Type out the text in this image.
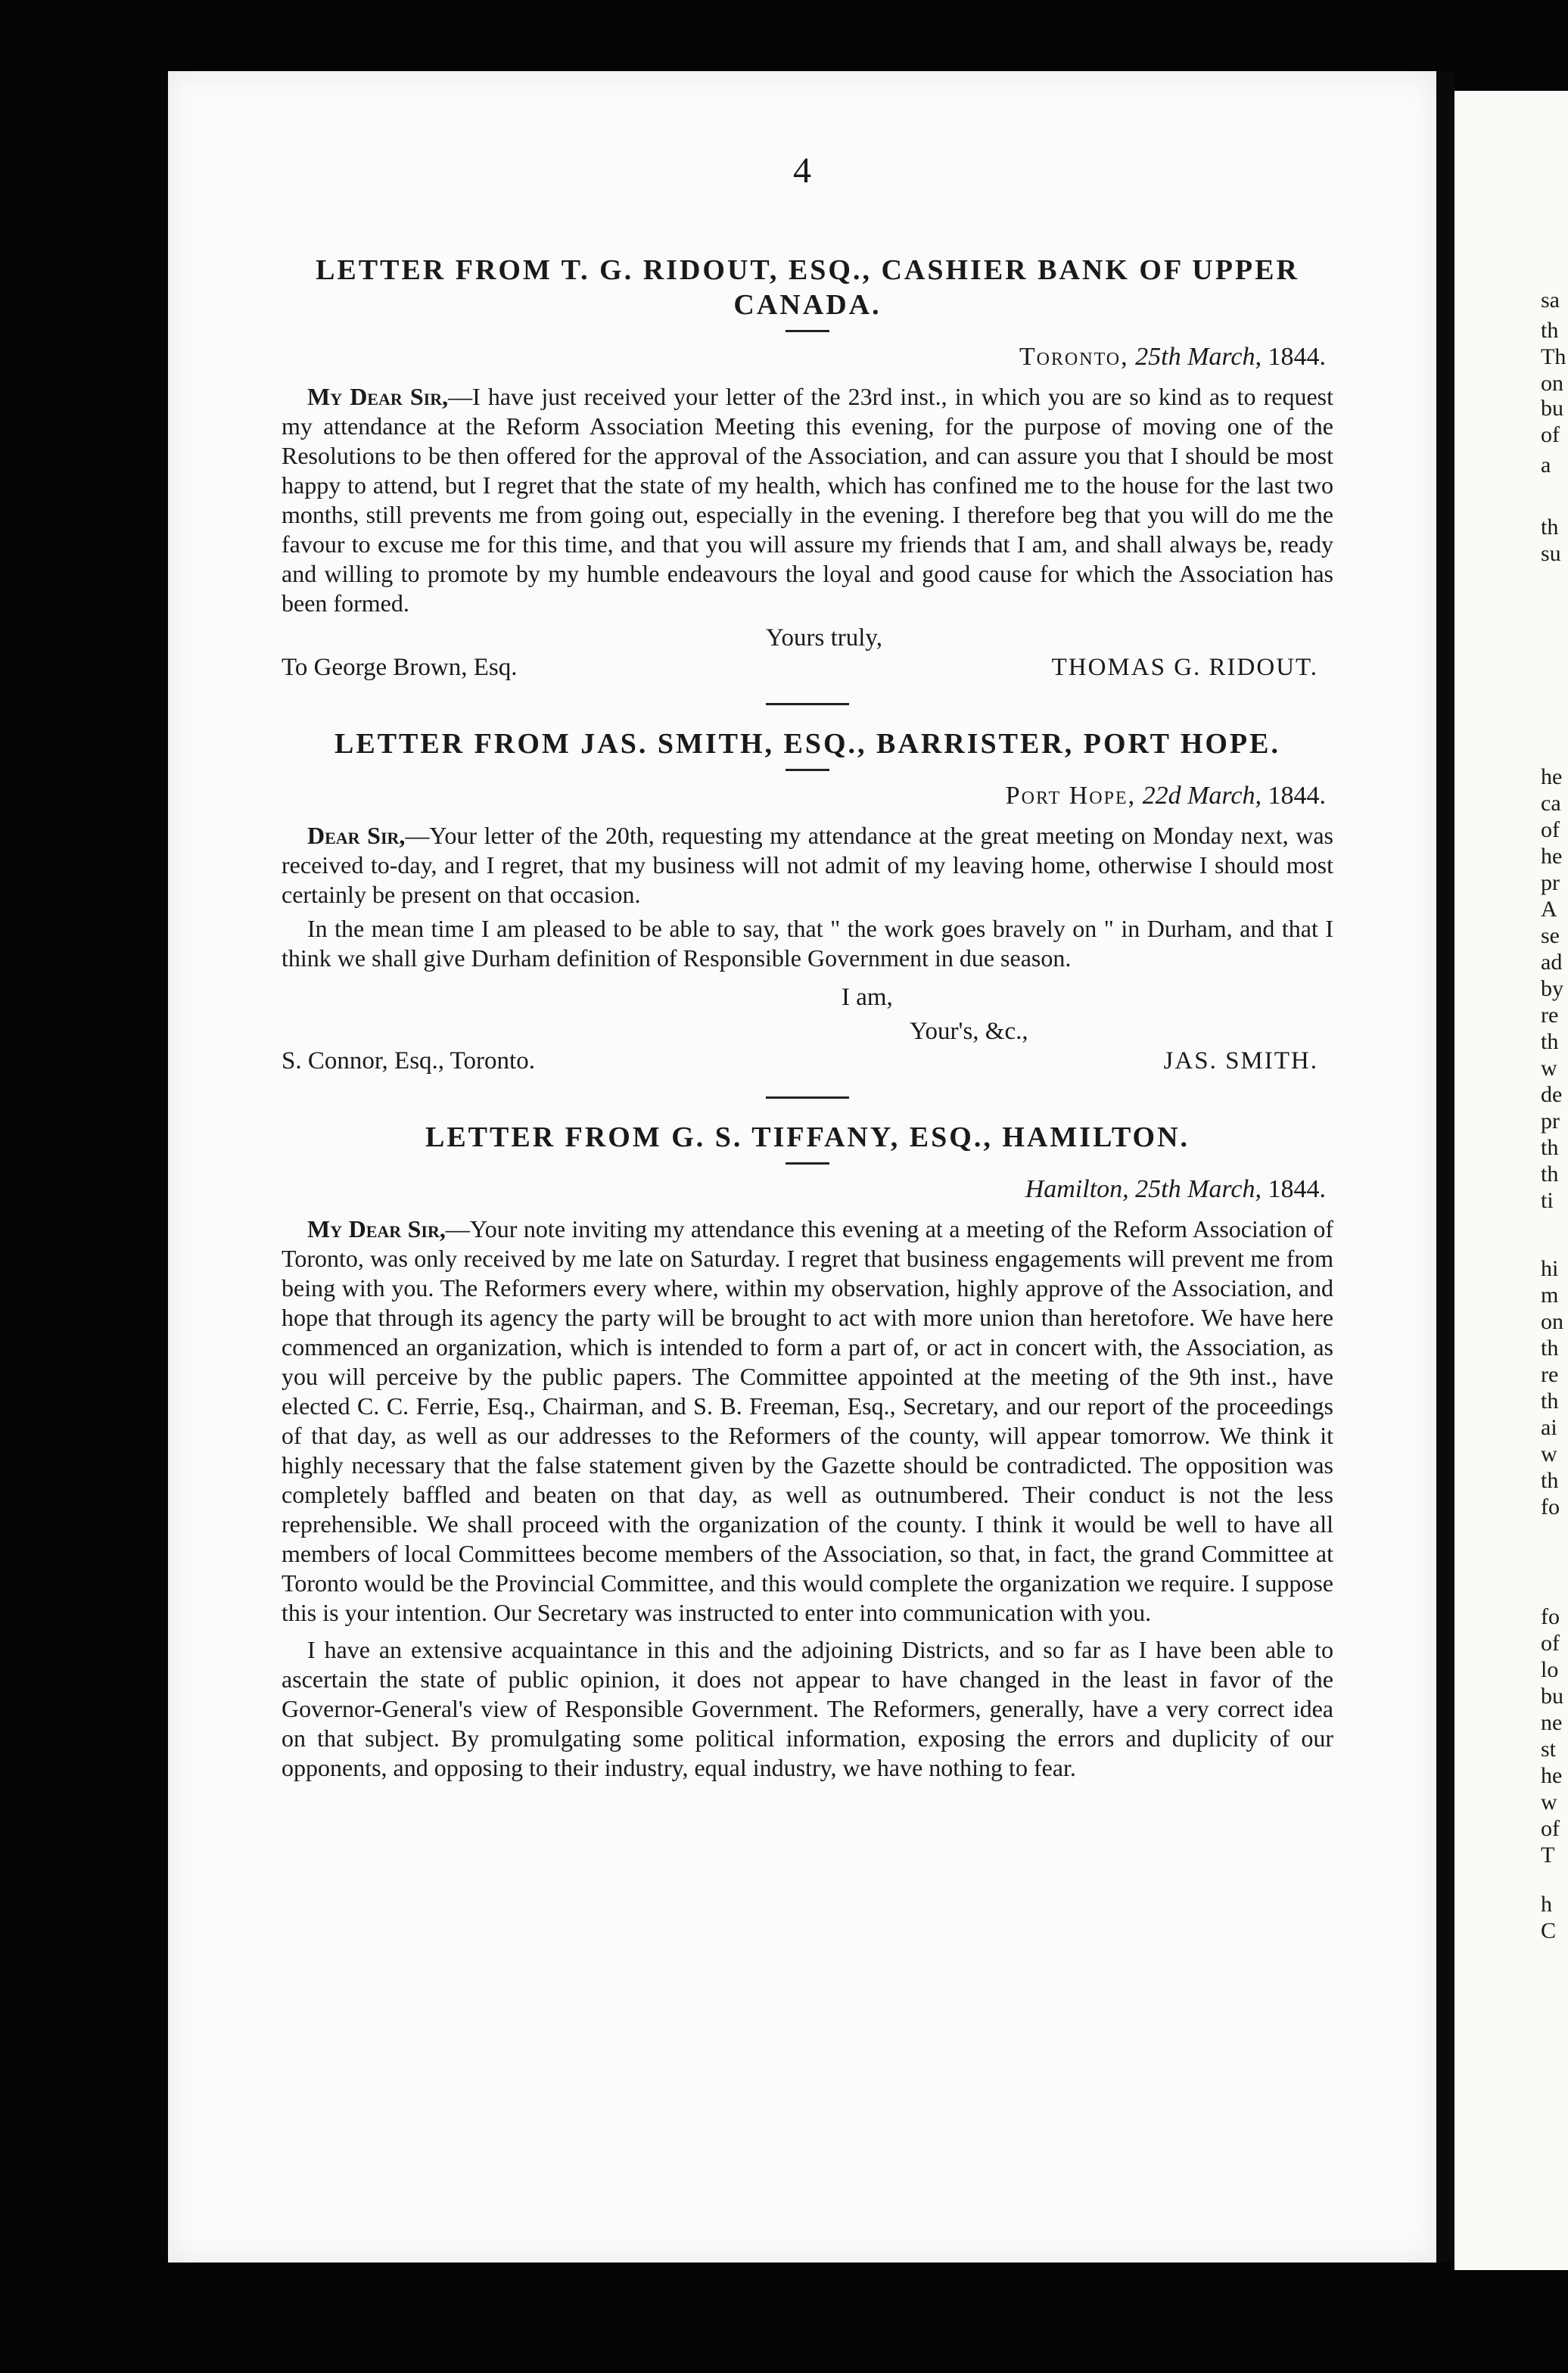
4
LETTER FROM T. G. RIDOUT, ESQ., CASHIER BANK OF UPPER CANADA.
Toronto, 25th March, 1844.

My Dear Sir,—I have just received your letter of the 23rd inst., in which you are so kind as to request my attendance at the Reform Association Meeting this evening, for the purpose of moving one of the Resolutions to be then offered for the approval of the Association, and can assure you that I should be most happy to attend, but I regret that the state of my health, which has confined me to the house for the last two months, still prevents me from going out, especially in the evening. I therefore beg that you will do me the favour to excuse me for this time, and that you will assure my friends that I am, and shall always be, ready and willing to promote by my humble endeavours the loyal and good cause for which the Association has been formed.

Yours truly,
To George Brown, Esq.	THOMAS G. RIDOUT.
LETTER FROM JAS. SMITH, ESQ., BARRISTER, PORT HOPE.
Port Hope, 22d March, 1844.

Dear Sir,—Your letter of the 20th, requesting my attendance at the great meeting on Monday next, was received to-day, and I regret, that my business will not admit of my leaving home, otherwise I should most certainly be present on that occasion.

In the mean time I am pleased to be able to say, that " the work goes bravely on " in Durham, and that I think we shall give Durham definition of Responsible Government in due season.

I am,
Your's, &c.,
S. Connor, Esq., Toronto.	JAS. SMITH.
LETTER FROM G. S. TIFFANY, ESQ., HAMILTON.
Hamilton, 25th March, 1844.

My Dear Sir,—Your note inviting my attendance this evening at a meeting of the Reform Association of Toronto, was only received by me late on Saturday. I regret that business engagements will prevent me from being with you. The Reformers every where, within my observation, highly approve of the Association, and hope that through its agency the party will be brought to act with more union than heretofore. We have here commenced an organization, which is intended to form a part of, or act in concert with, the Association, as you will perceive by the public papers. The Committee appointed at the meeting of the 9th inst., have elected C. C. Ferrie, Esq., Chairman, and S. B. Freeman, Esq., Secretary, and our report of the proceedings of that day, as well as our addresses to the Reformers of the county, will appear tomorrow. We think it highly necessary that the false statement given by the Gazette should be contradicted. The opposition was completely baffled and beaten on that day, as well as outnumbered. Their conduct is not the less reprehensible. We shall proceed with the organization of the county. I think it would be well to have all members of local Committees become members of the Association, so that, in fact, the grand Committee at Toronto would be the Provincial Committee, and this would complete the organization we require. I suppose this is your intention. Our Secretary was instructed to enter into communication with you.

I have an extensive acquaintance in this and the adjoining Districts, and so far as I have been able to ascertain the state of public opinion, it does not appear to have changed in the least in favor of the Governor-General's view of Responsible Government. The Reformers, generally, have a very correct idea on that subject. By promulgating some political information, exposing the errors and duplicity of our opponents, and opposing to their industry, equal industry, we have nothing to fear.

sa
th
Th
on
bu
of
a
th
su
he
ca
of
he
pr
A
se
ad
by
re
th
w
de
pr
th
th
ti
hi
m
on
th
re
th
ai
w
th
fo
fo
of
lo
bu
ne
st
he
w
of
T
h
C
